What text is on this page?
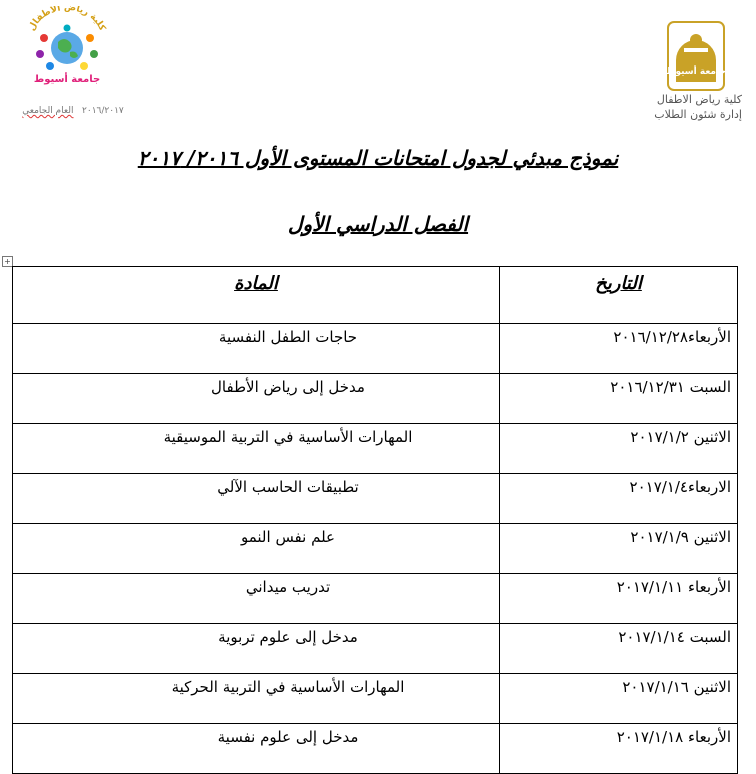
كلية رياض الاطفال
جامعة أسيوط
٢٠١٦/٢٠١٧   العام الجامعي
جامعة أسيوط
كلية رياض الاطفال
إدارة شئون الطلاب
نموذج مبدئي لجدول امتحانات المستوى الأول ٢٠١٦/ ٢٠١٧
الفصل الدراسي الأول
+
التاريخ	المادة
الأربعاء٢٠١٦/١٢/٢٨	حاجات الطفل النفسية
السبت ٢٠١٦/١٢/٣١	مدخل إلى رياض الأطفال
الاثنين ٢٠١٧/١/٢	المهارات الأساسية في التربية الموسيقية
الاربعاء٢٠١٧/١/٤	تطبيقات الحاسب الآلي
الاثنين ٢٠١٧/١/٩	علم نفس النمو
الأربعاء ٢٠١٧/١/١١	تدريب ميداني
السبت ٢٠١٧/١/١٤	مدخل إلى علوم تربوية
الاثنين ٢٠١٧/١/١٦	المهارات الأساسية في التربية الحركية
الأربعاء ٢٠١٧/١/١٨	مدخل إلى علوم نفسية
